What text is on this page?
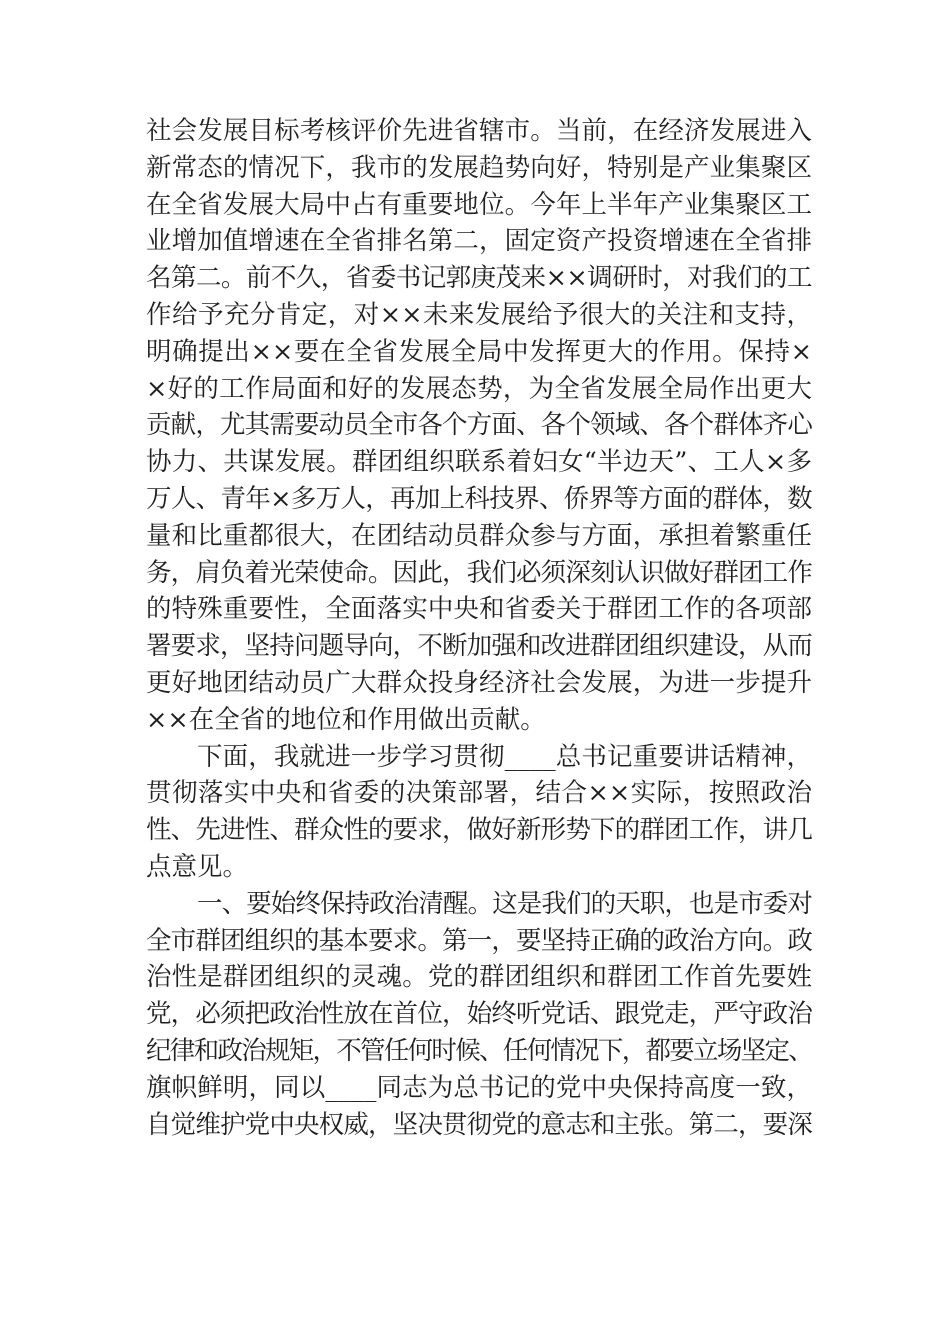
社会发展目标考核评价先进省辖市。当前，在经济发展进入
新常态的情况下，我市的发展趋势向好，特别是产业集聚区
在全省发展大局中占有重要地位。今年上半年产业集聚区工
业增加值增速在全省排名第二，固定资产投资增速在全省排
名第二。前不久，省委书记郭庚茂来××调研时，对我们的工
作给予充分肯定，对××未来发展给予很大的关注和支持，
明确提出××要在全省发展全局中发挥更大的作用。保持×
×好的工作局面和好的发展态势，为全省发展全局作出更大
贡献，尤其需要动员全市各个方面、各个领域、各个群体齐心
协力、共谋发展。群团组织联系着妇女“半边天”、工人×多
万人、青年×多万人，再加上科技界、侨界等方面的群体，数
量和比重都很大，在团结动员群众参与方面，承担着繁重任
务，肩负着光荣使命。因此，我们必须深刻认识做好群团工作
的特殊重要性，全面落实中央和省委关于群团工作的各项部
署要求，坚持问题导向，不断加强和改进群团组织建设，从而
更好地团结动员广大群众投身经济社会发展，为进一步提升
××在全省的地位和作用做出贡献。
下面，我就进一步学习贯彻____总书记重要讲话精神，
贯彻落实中央和省委的决策部署，结合××实际，按照政治
性、先进性、群众性的要求，做好新形势下的群团工作，讲几
点意见。
一、要始终保持政治清醒。这是我们的天职，也是市委对
全市群团组织的基本要求。第一，要坚持正确的政治方向。政
治性是群团组织的灵魂。党的群团组织和群团工作首先要姓
党，必须把政治性放在首位，始终听党话、跟党走，严守政治
纪律和政治规矩，不管任何时候、任何情况下，都要立场坚定、
旗帜鲜明，同以____同志为总书记的党中央保持高度一致，
自觉维护党中央权威，坚决贯彻党的意志和主张。第二，要深
